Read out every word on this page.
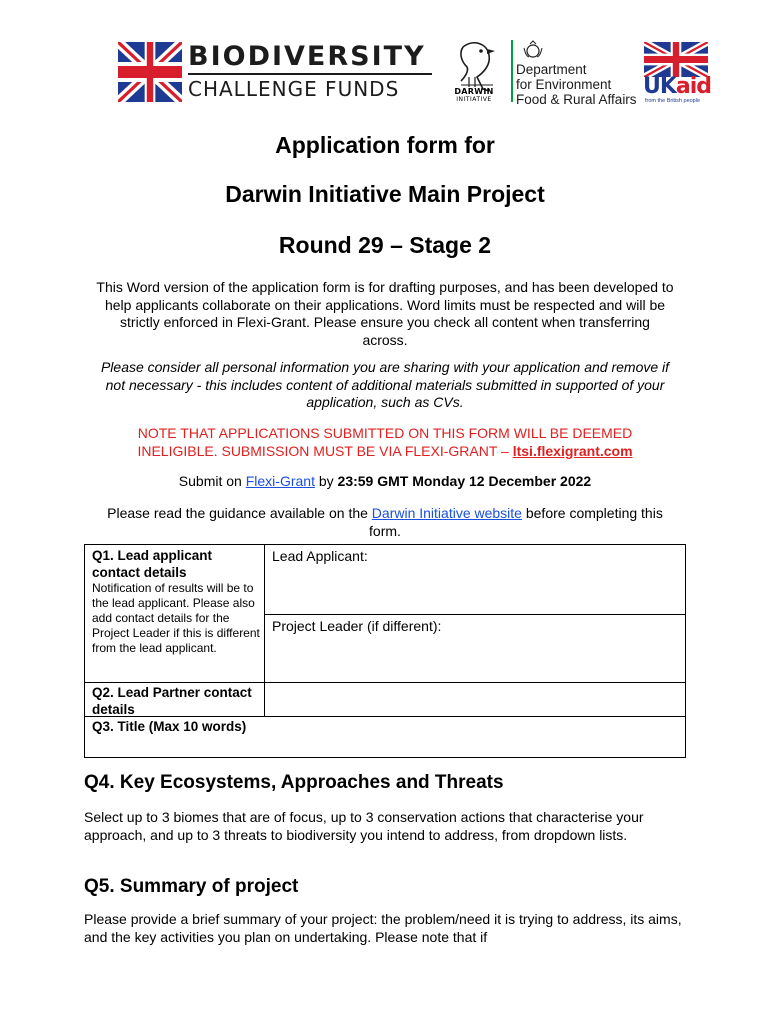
BIODIVERSITY
CHALLENGE FUNDS	DARWIN
INITIATIVE
Department
for Environment
Food & Rural Affairs
UKaid
from the British people
Application form for
Darwin Initiative Main Project
Round 29 – Stage 2
This Word version of the application form is for drafting purposes, and has been developed to help applicants collaborate on their applications. Word limits must be respected and will be strictly enforced in Flexi-Grant. Please ensure you check all content when transferring across.
Please consider all personal information you are sharing with your application and remove if not necessary - this includes content of additional materials submitted in supported of your application, such as CVs.
NOTE THAT APPLICATIONS SUBMITTED ON THIS FORM WILL BE DEEMED INELIGIBLE. SUBMISSION MUST BE VIA FLEXI-GRANT – ltsi.flexigrant.com
Submit on Flexi-Grant by 23:59 GMT Monday 12 December 2022
Please read the guidance available on the Darwin Initiative website before completing this form.
Q1. Lead applicant contact details
Notification of results will be to the lead applicant. Please also add contact details for the Project Leader if this is different from the lead applicant.
Lead Applicant:
Project Leader (if different):
Q2. Lead Partner contact details
Q3. Title (Max 10 words)
Q4. Key Ecosystems, Approaches and Threats
Select up to 3 biomes that are of focus, up to 3 conservation actions that characterise your approach, and up to 3 threats to biodiversity you intend to address, from dropdown lists.
Q5. Summary of project
Please provide a brief summary of your project: the problem/need it is trying to address, its aims, and the key activities you plan on undertaking. Please note that if
